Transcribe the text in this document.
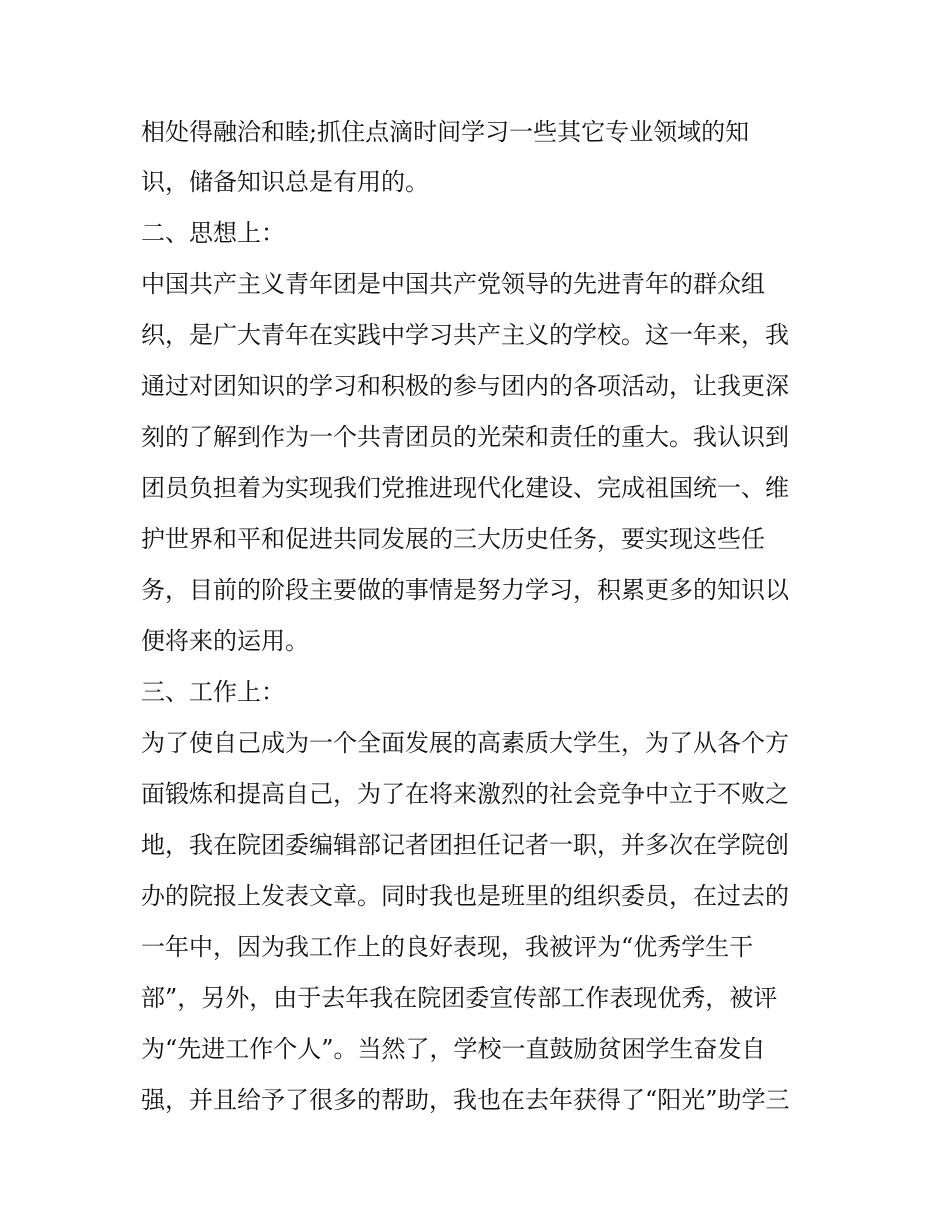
相处得融洽和睦;抓住点滴时间学习一些其它专业领域的知
识，储备知识总是有用的。
二、思想上：
中国共产主义青年团是中国共产党领导的先进青年的群众组
织，是广大青年在实践中学习共产主义的学校。这一年来，我
通过对团知识的学习和积极的参与团内的各项活动，让我更深
刻的了解到作为一个共青团员的光荣和责任的重大。我认识到
团员负担着为实现我们党推进现代化建设、完成祖国统一、维
护世界和平和促进共同发展的三大历史任务，要实现这些任
务，目前的阶段主要做的事情是努力学习，积累更多的知识以
便将来的运用。
三、工作上：
为了使自己成为一个全面发展的高素质大学生，为了从各个方
面锻炼和提高自己，为了在将来激烈的社会竞争中立于不败之
地，我在院团委编辑部记者团担任记者一职，并多次在学院创
办的院报上发表文章。同时我也是班里的组织委员，在过去的
一年中，因为我工作上的良好表现，我被评为“优秀学生干
部”，另外，由于去年我在院团委宣传部工作表现优秀，被评
为“先进工作个人”。当然了，学校一直鼓励贫困学生奋发自
强，并且给予了很多的帮助，我也在去年获得了“阳光”助学三
